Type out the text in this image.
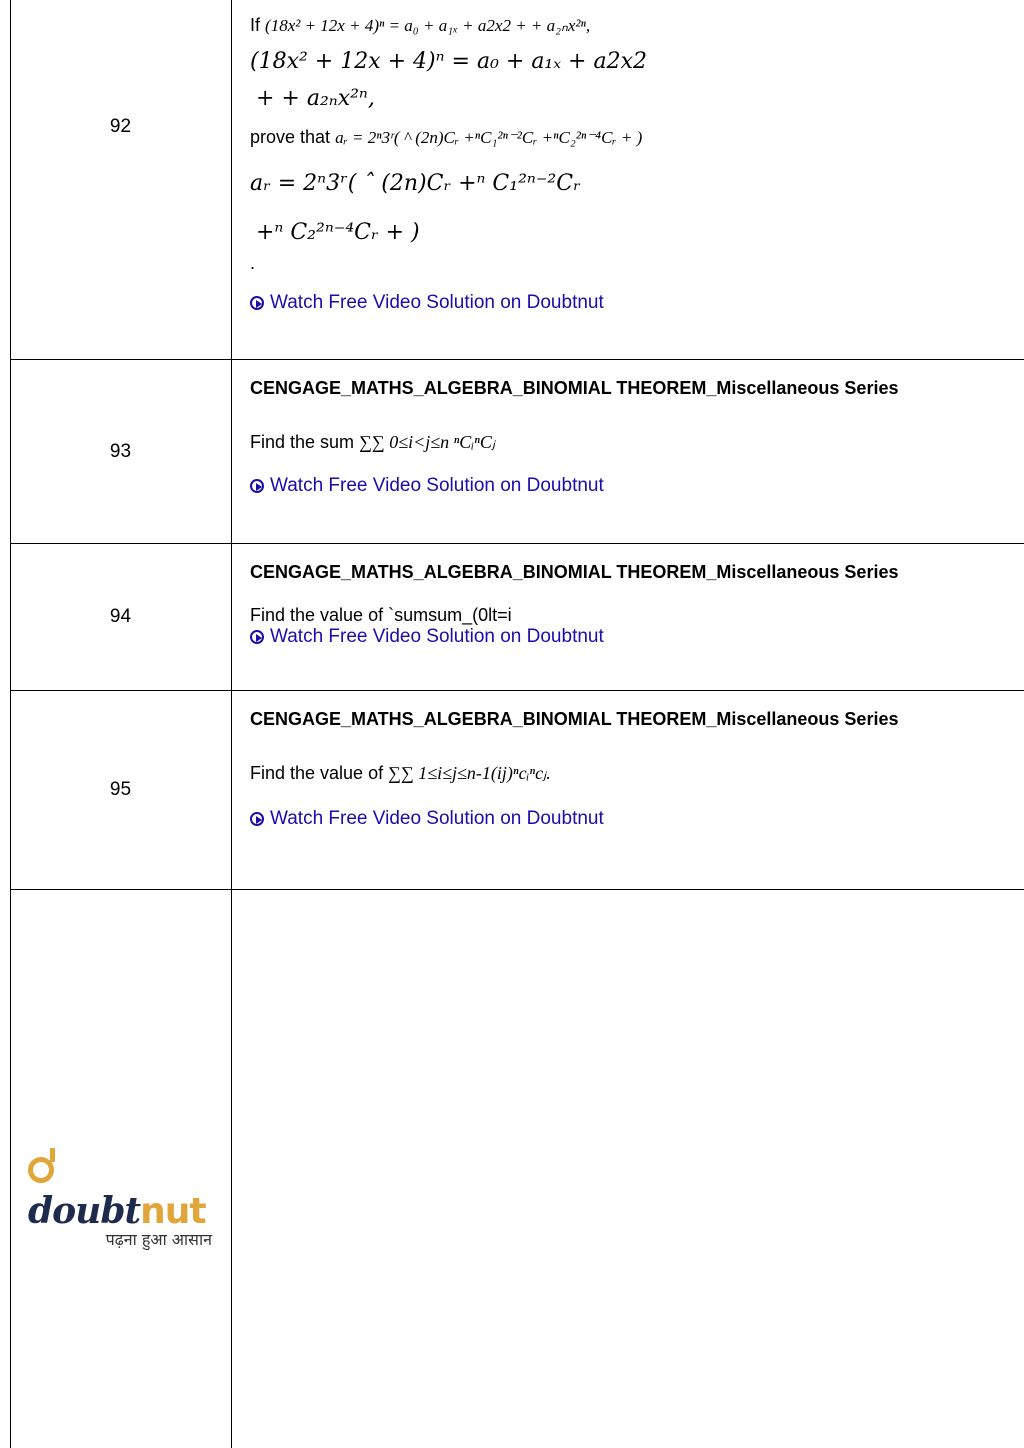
92
If (18x² + 12x + 4)ⁿ = a₀ + a₁ₓ + a2x2 + + a₂ₙx²ⁿ,
(18x² + 12x + 4)ⁿ = a₀ + a₁ₓ + a2x2
+ + a₂ₙx²ⁿ,
prove that aᵣ = 2ⁿ3ʳ( ^ (2n)Cᵣ +ⁿC₁²ⁿ⁻²Cᵣ +ⁿC₂²ⁿ⁻⁴Cᵣ + )
aᵣ = 2ⁿ3ʳ( ˆ (2n)Cᵣ +ⁿ C₁²ⁿ⁻²Cᵣ
+ⁿ C₂²ⁿ⁻⁴Cᵣ + )
.
Watch Free Video Solution on Doubtnut
93
CENGAGE_MATHS_ALGEBRA_BINOMIAL THEOREM_Miscellaneous Series
Find the sum ∑∑ 0≤i<j≤n ⁿCᵢⁿCⱼ
Watch Free Video Solution on Doubtnut
94
CENGAGE_MATHS_ALGEBRA_BINOMIAL THEOREM_Miscellaneous Series
Find the value of `sumsum_(0lt=i
Watch Free Video Solution on Doubtnut
95
CENGAGE_MATHS_ALGEBRA_BINOMIAL THEOREM_Miscellaneous Series
Find the value of ∑∑ 1≤i≤j≤n-1(ij)ⁿcᵢⁿcⱼ.
Watch Free Video Solution on Doubtnut
doubtnut
पढ़ना हुआ आसान
